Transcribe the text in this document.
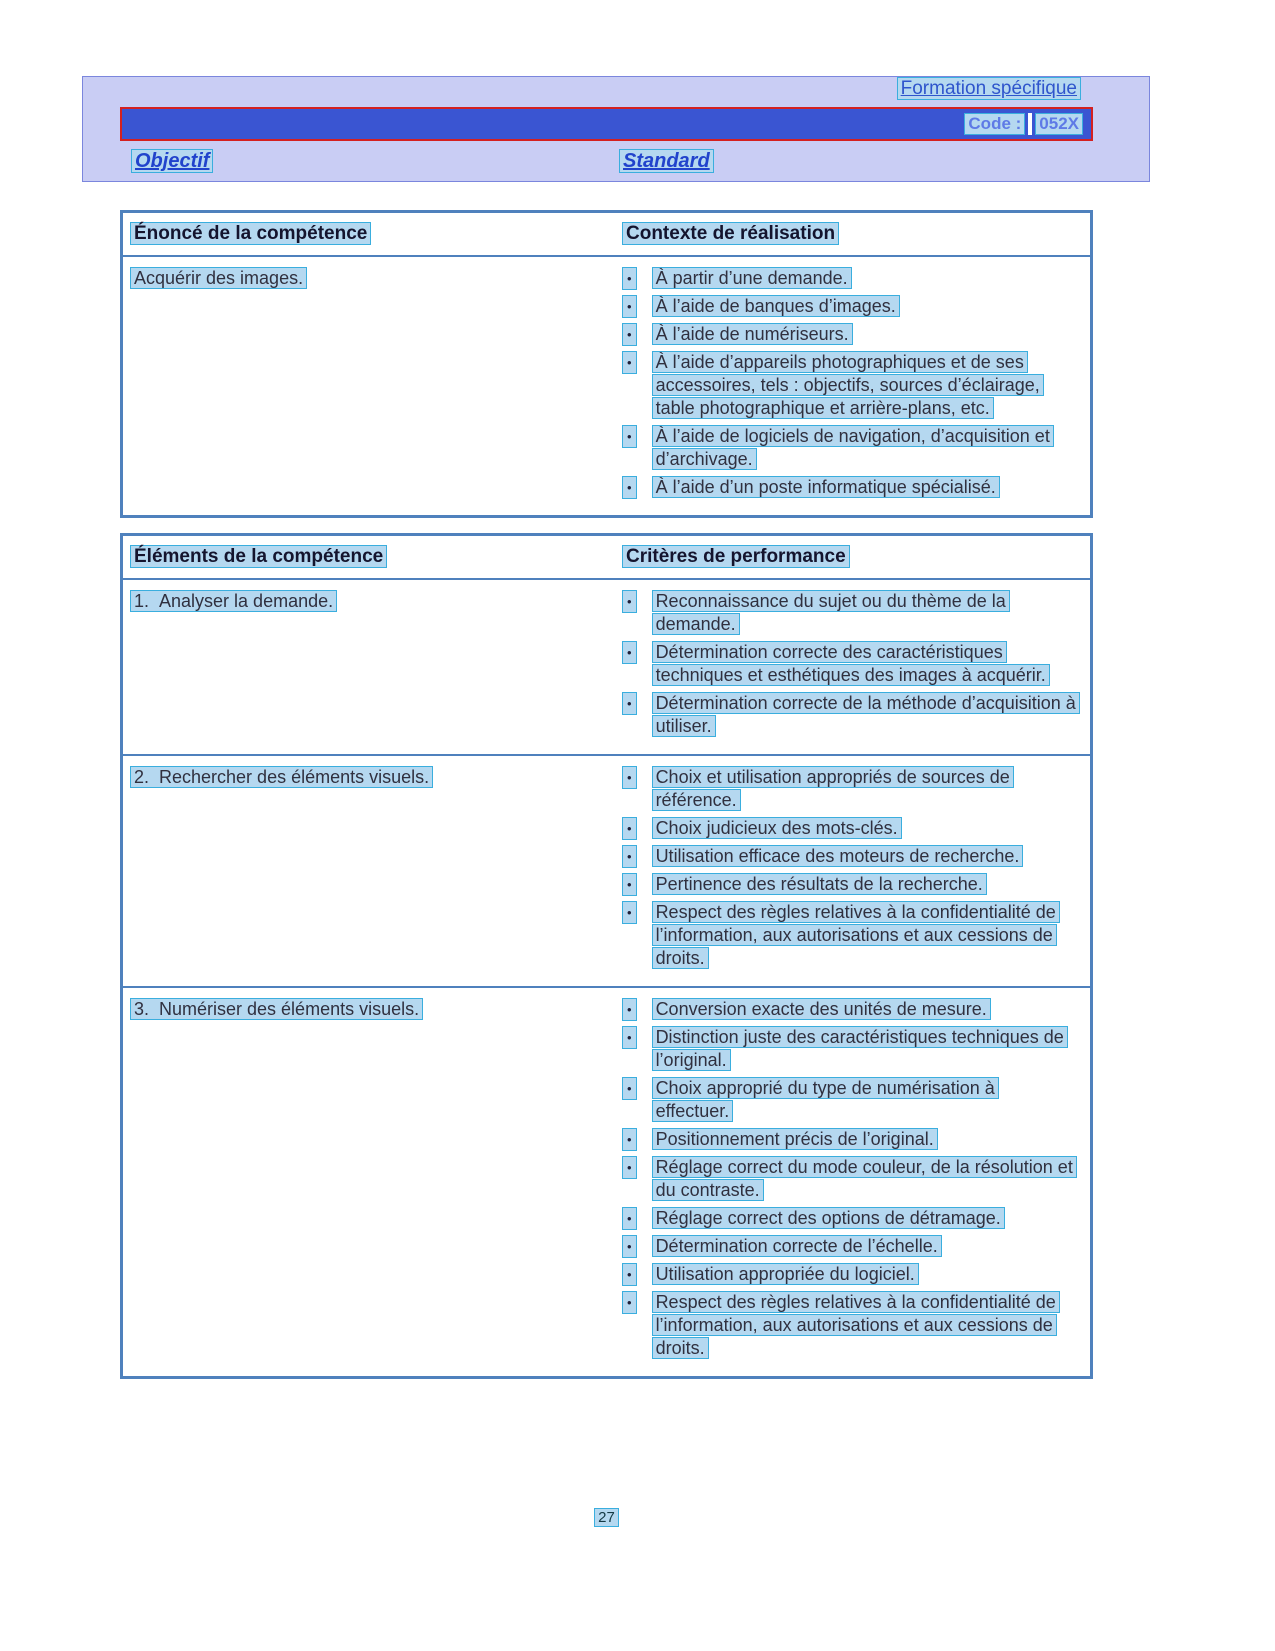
Formation spécifique
Code : 052X
Objectif	Standard
Énoncé de la compétence	Contexte de réalisation
Acquérir des images.	• À partir d’une demande.
• À l’aide de banques d’images.
• À l’aide de numériseurs.
• À l’aide d’appareils photographiques et de ses accessoires, tels : objectifs, sources d’éclairage, table photographique et arrière-plans, etc.
• À l’aide de logiciels de navigation, d’acquisition et d’archivage.
• À l’aide d’un poste informatique spécialisé.
Éléments de la compétence	Critères de performance
1.  Analyser la demande.	• Reconnaissance du sujet ou du thème de la demande.
• Détermination correcte des caractéristiques techniques et esthétiques des images à acquérir.
• Détermination correcte de la méthode d’acquisition à utiliser.
2.  Rechercher des éléments visuels.	• Choix et utilisation appropriés de sources de référence.
• Choix judicieux des mots-clés.
• Utilisation efficace des moteurs de recherche.
• Pertinence des résultats de la recherche.
• Respect des règles relatives à la confidentialité de l’information, aux autorisations et aux cessions de droits.
3.  Numériser des éléments visuels.	• Conversion exacte des unités de mesure.
• Distinction juste des caractéristiques techniques de l’original.
• Choix approprié du type de numérisation à effectuer.
• Positionnement précis de l’original.
• Réglage correct du mode couleur, de la résolution et du contraste.
• Réglage correct des options de détramage.
• Détermination correcte de l’échelle.
• Utilisation appropriée du logiciel.
• Respect des règles relatives à la confidentialité de l’information, aux autorisations et aux cessions de droits.
27
